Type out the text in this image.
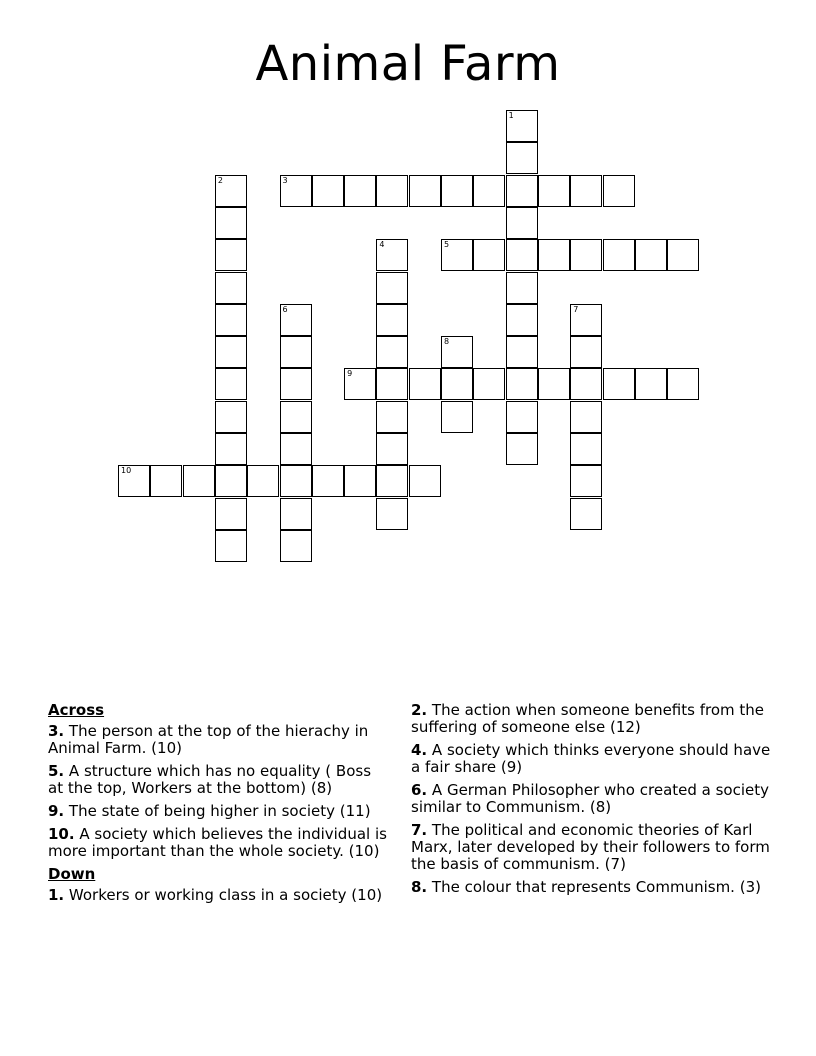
Animal Farm
1
2	3
4	5
6	7
8
9
10
Across
3. The person at the top of the hierachy in Animal Farm. (10)
5. A structure which has no equality ( Boss at the top, Workers at the bottom) (8)
9. The state of being higher in society (11)
10. A society which believes the individual is more important than the whole society. (10)
Down
1. Workers or working class in a society (10)
2. The action when someone benefits from the suffering of someone else (12)
4. A society which thinks everyone should have a fair share (9)
6. A German Philosopher who created a society similar to Communism. (8)
7. The political and economic theories of Karl Marx, later developed by their followers to form the basis of communism. (7)
8. The colour that represents Communism. (3)
